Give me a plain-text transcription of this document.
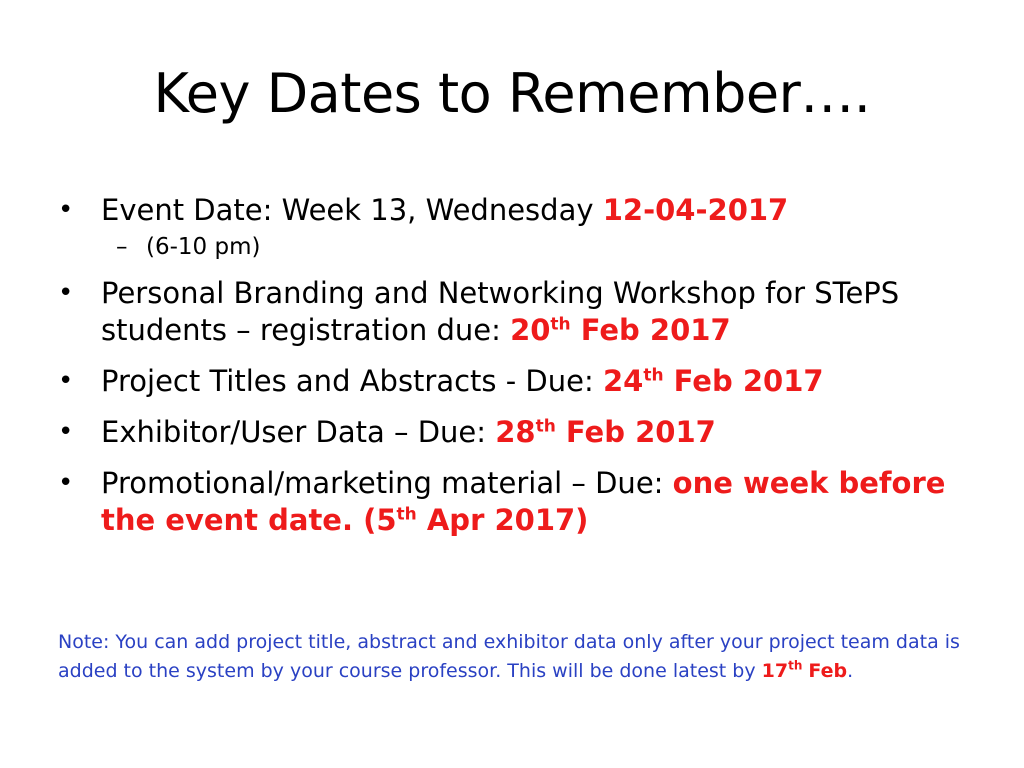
Key Dates to Remember….
• Event Date: Week 13, Wednesday 12-04-2017
– (6-10 pm)
• Personal Branding and Networking Workshop for STePS students – registration due: 20th Feb 2017
• Project Titles and Abstracts - Due: 24th Feb 2017
• Exhibitor/User Data – Due: 28th Feb 2017
• Promotional/marketing material – Due: one week before the event date. (5th Apr 2017)
Note: You can add project title, abstract and exhibitor data only after your project team data is added to the system by your course professor. This will be done latest by 17th Feb.
